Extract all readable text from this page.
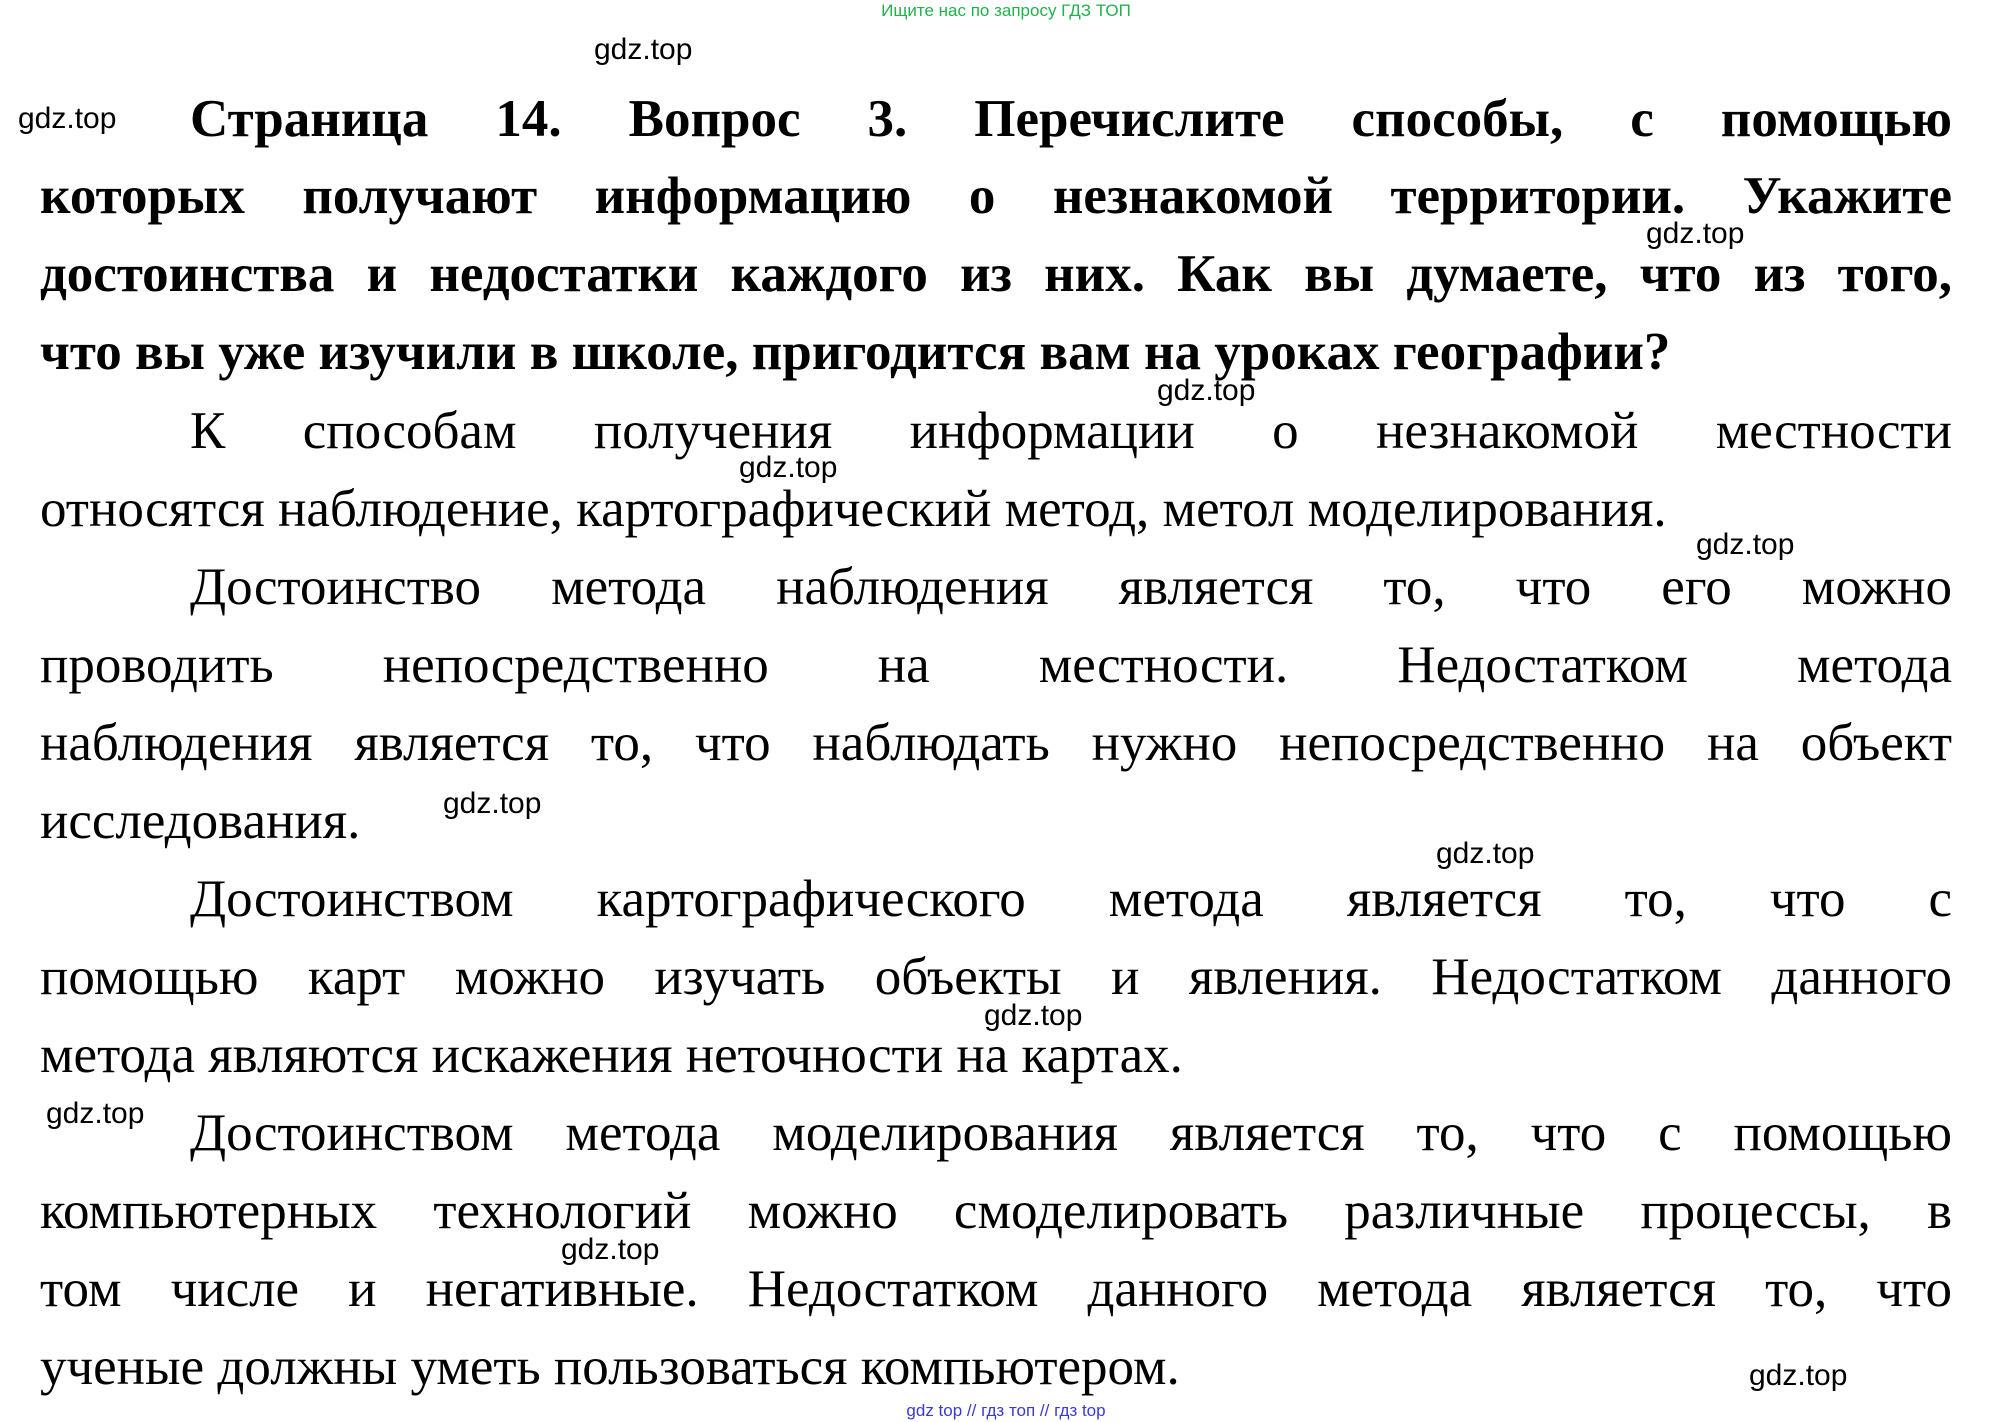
Ищите нас по запросу ГДЗ ТОП
Страница 14. Вопрос 3. Перечислите способы, с помощью
которых получают информацию о незнакомой территории. Укажите
достоинства и недостатки каждого из них. Как вы думаете, что из того,
что вы уже изучили в школе, пригодится вам на уроках географии?
К способам получения информации о незнакомой местности
относятся наблюдение, картографический метод, метол моделирования.
Достоинство метода наблюдения является то, что его можно
проводить непосредственно на местности. Недостатком метода
наблюдения является то, что наблюдать нужно непосредственно на объект
исследования.
Достоинством картографического метода является то, что с
помощью карт можно изучать объекты и явления. Недостатком данного
метода являются искажения неточности на картах.
Достоинством метода моделирования является то, что с помощью
компьютерных технологий можно смоделировать различные процессы, в
том числе и негативные. Недостатком данного метода является то, что
ученые должны уметь пользоваться компьютером.
gdz.top
gdz.top
gdz.top
gdz.top
gdz.top
gdz.top
gdz.top
gdz.top
gdz.top
gdz.top
gdz.top
gdz.top
gdz top // гдз топ // гдз top
